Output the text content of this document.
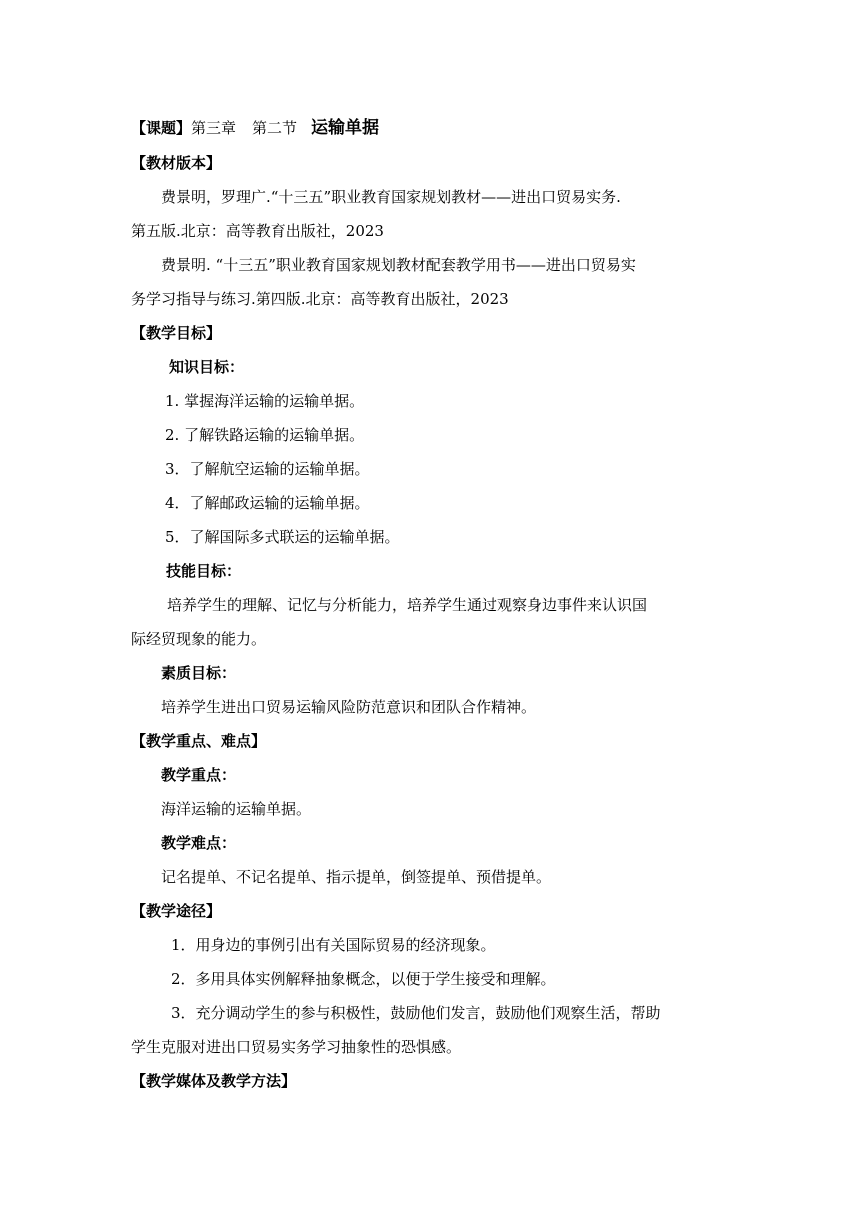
【课题】第三章 第二节 运输单据
【教材版本】
费景明，罗理广.“十三五”职业教育国家规划教材——进出口贸易实务.
第五版.北京：高等教育出版社，2023
费景明. “十三五”职业教育国家规划教材配套教学用书——进出口贸易实
务学习指导与练习.第四版.北京：高等教育出版社，2023
【教学目标】
知识目标：
1. 掌握海洋运输的运输单据。
2. 了解铁路运输的运输单据。
3．了解航空运输的运输单据。
4．了解邮政运输的运输单据。
5．了解国际多式联运的运输单据。
技能目标：
培养学生的理解、记忆与分析能力，培养学生通过观察身边事件来认识国
际经贸现象的能力。
素质目标：
培养学生进出口贸易运输风险防范意识和团队合作精神。
【教学重点、难点】
教学重点：
海洋运输的运输单据。
教学难点：
记名提单、不记名提单、指示提单，倒签提单、预借提单。
【教学途径】
1．用身边的事例引出有关国际贸易的经济现象。
2．多用具体实例解释抽象概念，以便于学生接受和理解。
3．充分调动学生的参与积极性，鼓励他们发言，鼓励他们观察生活，帮助
学生克服对进出口贸易实务学习抽象性的恐惧感。
【教学媒体及教学方法】
